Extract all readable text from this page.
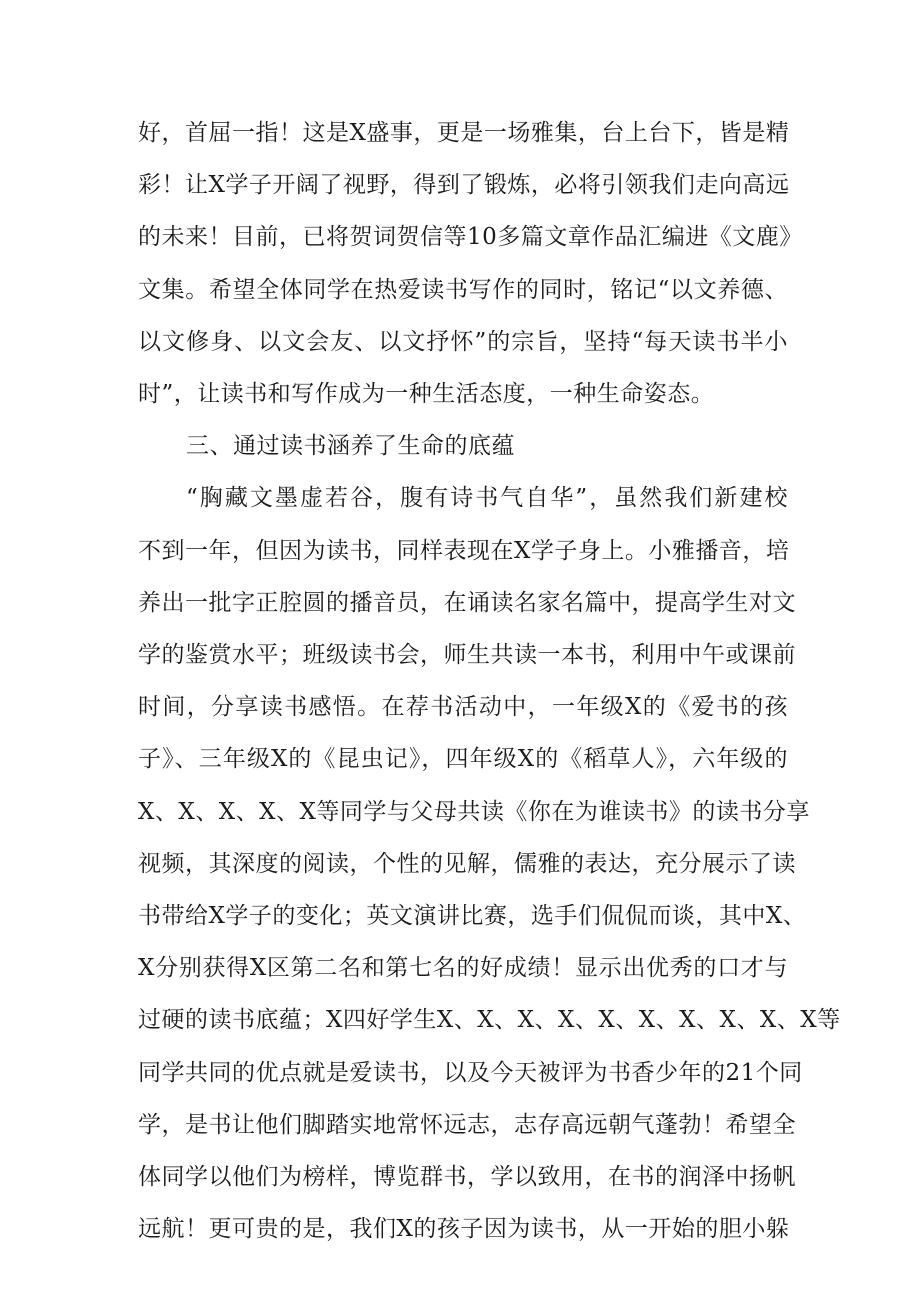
好，首屈一指！这是X盛事，更是一场雅集，台上台下，皆是精
彩！让X学子开阔了视野，得到了锻炼，必将引领我们走向高远
的未来！目前，已将贺词贺信等10多篇文章作品汇编进《文鹿》
文集。希望全体同学在热爱读书写作的同时，铭记“以文养德、
以文修身、以文会友、以文抒怀”的宗旨，坚持“每天读书半小
时”，让读书和写作成为一种生活态度，一种生命姿态。
三、通过读书涵养了生命的底蕴
“胸藏文墨虚若谷，腹有诗书气自华”，虽然我们新建校
不到一年，但因为读书，同样表现在X学子身上。小雅播音，培
养出一批字正腔圆的播音员，在诵读名家名篇中，提高学生对文
学的鉴赏水平；班级读书会，师生共读一本书，利用中午或课前
时间，分享读书感悟。在荐书活动中，一年级X的《爱书的孩
子》、三年级X的《昆虫记》，四年级X的《稻草人》，六年级的
X、X、X、X、X等同学与父母共读《你在为谁读书》的读书分享
视频，其深度的阅读，个性的见解，儒雅的表达，充分展示了读
书带给X学子的变化；英文演讲比赛，选手们侃侃而谈，其中X、
X分别获得X区第二名和第七名的好成绩！显示出优秀的口才与
过硬的读书底蕴；X四好学生X、X、X、X、X、X、X、X、X、X等
同学共同的优点就是爱读书，以及今天被评为书香少年的21个同
学，是书让他们脚踏实地常怀远志，志存高远朝气蓬勃！希望全
体同学以他们为榜样，博览群书，学以致用，在书的润泽中扬帆
远航！更可贵的是，我们X的孩子因为读书，从一开始的胆小躲
